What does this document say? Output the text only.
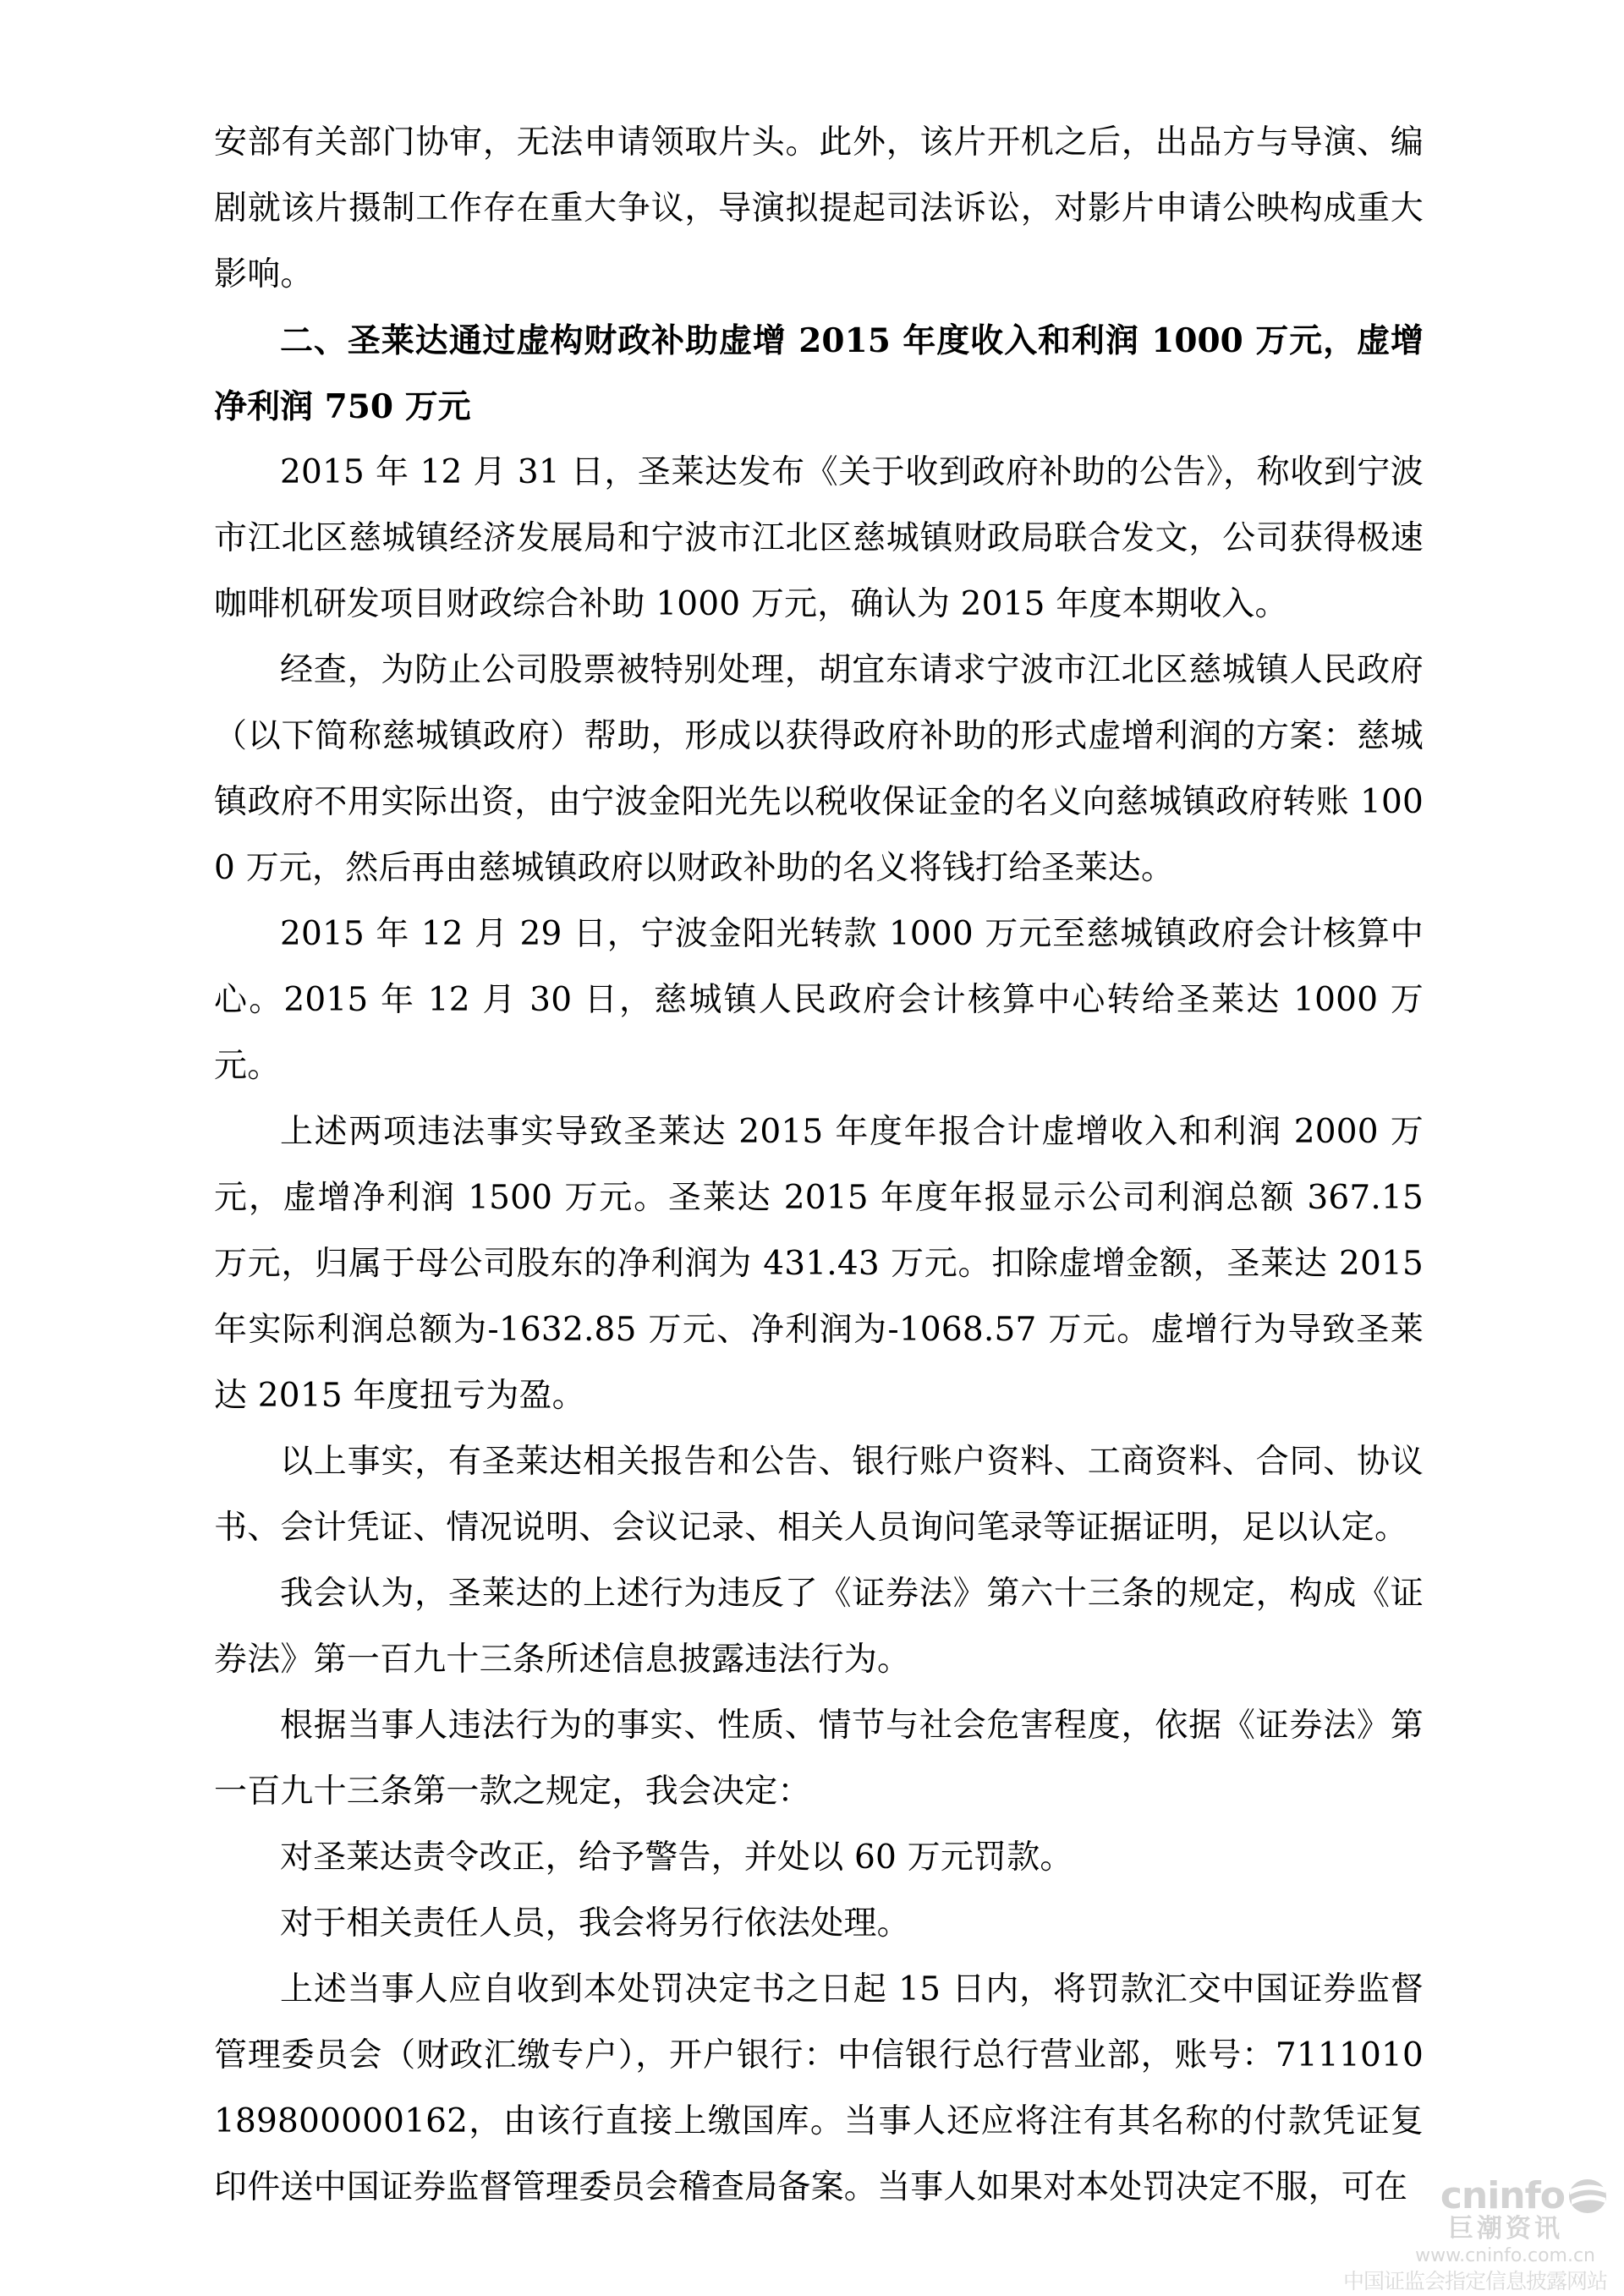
安部有关部门协审，无法申请领取片头。此外，该片开机之后，出品方与导演、编剧就该片摄制工作存在重大争议，导演拟提起司法诉讼，对影片申请公映构成重大影响。

二、圣莱达通过虚构财政补助虚增 2015 年度收入和利润 1000 万元，虚增净利润 750 万元

2015 年 12 月 31 日，圣莱达发布《关于收到政府补助的公告》，称收到宁波市江北区慈城镇经济发展局和宁波市江北区慈城镇财政局联合发文，公司获得极速咖啡机研发项目财政综合补助 1000 万元，确认为 2015 年度本期收入。

经查，为防止公司股票被特别处理，胡宜东请求宁波市江北区慈城镇人民政府（以下简称慈城镇政府）帮助，形成以获得政府补助的形式虚增利润的方案：慈城镇政府不用实际出资，由宁波金阳光先以税收保证金的名义向慈城镇政府转账 1000 万元，然后再由慈城镇政府以财政补助的名义将钱打给圣莱达。

2015 年 12 月 29 日，宁波金阳光转款 1000 万元至慈城镇政府会计核算中心。2015 年 12 月 30 日，慈城镇人民政府会计核算中心转给圣莱达 1000 万元。

上述两项违法事实导致圣莱达 2015 年度年报合计虚增收入和利润 2000 万元，虚增净利润 1500 万元。圣莱达 2015 年度年报显示公司利润总额 367.15 万元，归属于母公司股东的净利润为 431.43 万元。扣除虚增金额，圣莱达 2015 年实际利润总额为-1632.85 万元、净利润为-1068.57 万元。虚增行为导致圣莱达 2015 年度扭亏为盈。

以上事实，有圣莱达相关报告和公告、银行账户资料、工商资料、合同、协议书、会计凭证、情况说明、会议记录、相关人员询问笔录等证据证明，足以认定。

我会认为，圣莱达的上述行为违反了《证券法》第六十三条的规定，构成《证券法》第一百九十三条所述信息披露违法行为。

根据当事人违法行为的事实、性质、情节与社会危害程度，依据《证券法》第一百九十三条第一款之规定，我会决定：

对圣莱达责令改正，给予警告，并处以 60 万元罚款。

对于相关责任人员，我会将另行依法处理。

上述当事人应自收到本处罚决定书之日起 15 日内，将罚款汇交中国证券监督管理委员会（财政汇缴专户），开户银行：中信银行总行营业部，账号：7111010189800000162，由该行直接上缴国库。当事人还应将注有其名称的付款凭证复印件送中国证券监督管理委员会稽查局备案。当事人如果对本处罚决定不服，可在 cninfo
巨潮资讯
www.cninfo.com.cn
中国证监会指定信息披露网站
